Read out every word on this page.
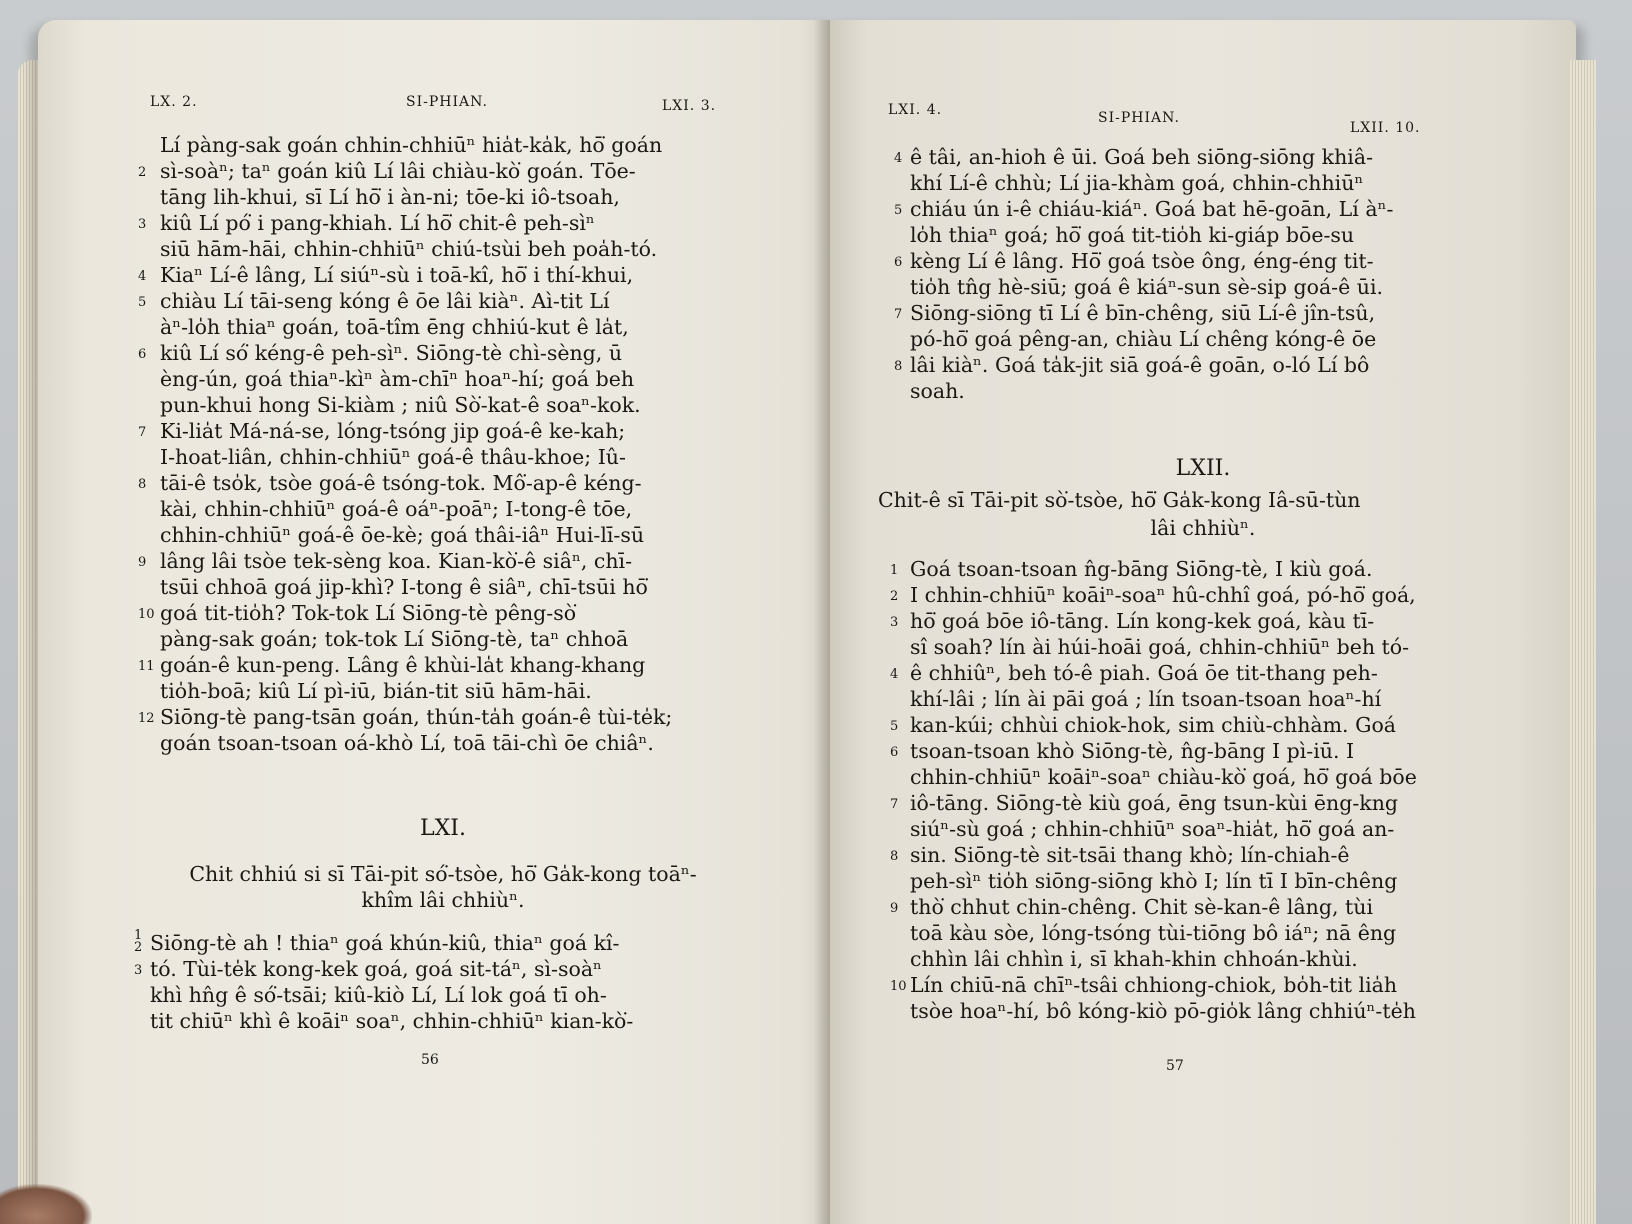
LX. 2.	SI-PHIAN.	LXI. 3.
Lí pàng-sak goán chhin-chhiūⁿ hia̍t-ka̍k, hō͘ goán
2 sì-soàⁿ; taⁿ goán kiû Lí lâi chiàu-kò͘ goán. Tōe-
tāng lih-khui, sī Lí hō͘ i àn-ni; tōe-ki iô-tsoah,
3 kiû Lí pó͘ i pang-khiah. Lí hō͘ chit-ê peh-sìⁿ
siū hām-hāi, chhin-chhiūⁿ chiú-tsùi beh poa̍h-tó.
4 Kiaⁿ Lí-ê lâng, Lí siúⁿ-sù i toā-kî, hō͘ i thí-khui,
5 chiàu Lí tāi-seng kóng ê ōe lâi kiàⁿ. Aì-tit Lí
àⁿ-lo̍h thiaⁿ goán, toā-tîm ēng chhiú-kut ê la̍t,
6 kiû Lí só͘ kéng-ê peh-sìⁿ. Siōng-tè chì-sèng, ū
èng-ún, goá thiaⁿ-kìⁿ àm-chīⁿ hoaⁿ-hí; goá beh
pun-khui hong Si-kiàm ; niû Sò͘-kat-ê soaⁿ-kok.
7 Ki-lia̍t Má-ná-se, lóng-tsóng jip goá-ê ke-kah;
I-hoat-liân, chhin-chhiūⁿ goá-ê thâu-khoe; Iû-
8 tāi-ê tso̍k, tsòe goá-ê tsóng-tok. Mô͘-ap-ê kéng-
kài, chhin-chhiūⁿ goá-ê oáⁿ-poāⁿ; I-tong-ê tōe,
chhin-chhiūⁿ goá-ê ōe-kè; goá thâi-iâⁿ Hui-lī-sū
9 lâng lâi tsòe tek-sèng koa. Kian-kò͘-ê siâⁿ, chī-
tsūi chhoā goá jip-khì? I-tong ê siâⁿ, chī-tsūi hō͘
10 goá tit-tio̍h? Tok-tok Lí Siōng-tè pêng-sò͘
pàng-sak goán; tok-tok Lí Siōng-tè, taⁿ chhoā
11 goán-ê kun-peng. Lâng ê khùi-la̍t khang-khang
tio̍h-boā; kiû Lí pì-iū, bián-tit siū hām-hāi.
12 Siōng-tè pang-tsān goán, thún-ta̍h goán-ê tùi-te̍k;
goán tsoan-tsoan oá-khò Lí, toā tāi-chì ōe chiâⁿ.
LXI.
Chit chhiú si sī Tāi-pit só͘-tsòe, hō͘ Ga̍k-kong toāⁿ-
khîm lâi chhiùⁿ.
1
2 Siōng-tè ah ! thiaⁿ goá khún-kiû, thiaⁿ goá kî-
3 tó. Tùi-te̍k kong-kek goá, goá sit-táⁿ, sì-soàⁿ
khì hn̂g ê só͘-tsāi; kiû-kiò Lí, Lí lok goá tī oh-
tit chiūⁿ khì ê koāiⁿ soaⁿ, chhin-chhiūⁿ kian-kò͘-
56
LXI. 4.	SI-PHIAN.
LXII. 10.
4 ê tâi, an-hioh ê ūi. Goá beh siōng-siōng khiâ-
khí Lí-ê chhù; Lí jia-khàm goá, chhin-chhiūⁿ
5 chiáu ún i-ê chiáu-kiáⁿ. Goá bat hē-goān, Lí àⁿ-
lo̍h thiaⁿ goá; hō͘ goá tit-tio̍h ki-giáp bōe-su
6 kèng Lí ê lâng. Hō͘ goá tsòe ông, éng-éng tit-
tio̍h tn̂g hè-siū; goá ê kiáⁿ-sun sè-sip goá-ê ūi.
7 Siōng-siōng tī Lí ê bīn-chêng, siū Lí-ê jîn-tsû,
pó-hō͘ goá pêng-an, chiàu Lí chêng kóng-ê ōe
8 lâi kiàⁿ. Goá ta̍k-jit siā goá-ê goān, o-ló Lí bô
soah.
LXII.
Chit-ê sī Tāi-pit sò͘-tsòe, hō͘ Ga̍k-kong Iâ-sū-tùn
lâi chhiùⁿ.
1 Goá tsoan-tsoan n̂g-bāng Siōng-tè, I kiù goá.
2 I chhin-chhiūⁿ koāiⁿ-soaⁿ hû-chhî goá, pó-hō͘ goá,
3 hō͘ goá bōe iô-tāng. Lín kong-kek goá, kàu tī-
sî soah? lín ài húi-hoāi goá, chhin-chhiūⁿ beh tó-
4 ê chhiûⁿ, beh tó-ê piah. Goá ōe tit-thang peh-
khí-lâi ; lín ài pāi goá ; lín tsoan-tsoan hoaⁿ-hí
5 kan-kúi; chhùi chiok-hok, sim chiù-chhàm. Goá
6 tsoan-tsoan khò Siōng-tè, n̂g-bāng I pì-iū. I
chhin-chhiūⁿ koāiⁿ-soaⁿ chiàu-kò͘ goá, hō͘ goá bōe
7 iô-tāng. Siōng-tè kiù goá, ēng tsun-kùi ēng-kng
siúⁿ-sù goá ; chhin-chhiūⁿ soaⁿ-hia̍t, hō͘ goá an-
8 sin. Siōng-tè sit-tsāi thang khò; lín-chiah-ê
peh-sìⁿ tio̍h siōng-siōng khò I; lín tī I bīn-chêng
9 thò͘ chhut chin-chêng. Chit sè-kan-ê lâng, tùi
toā kàu sòe, lóng-tsóng tùi-tiōng bô iáⁿ; nā êng
chhìn lâi chhìn i, sī khah-khin chhoán-khùi.
10 Lín chiū-nā chīⁿ-tsâi chhiong-chiok, bo̍h-tit lia̍h
tsòe hoaⁿ-hí, bô kóng-kiò pō-gio̍k lâng chhiúⁿ-te̍h
57
